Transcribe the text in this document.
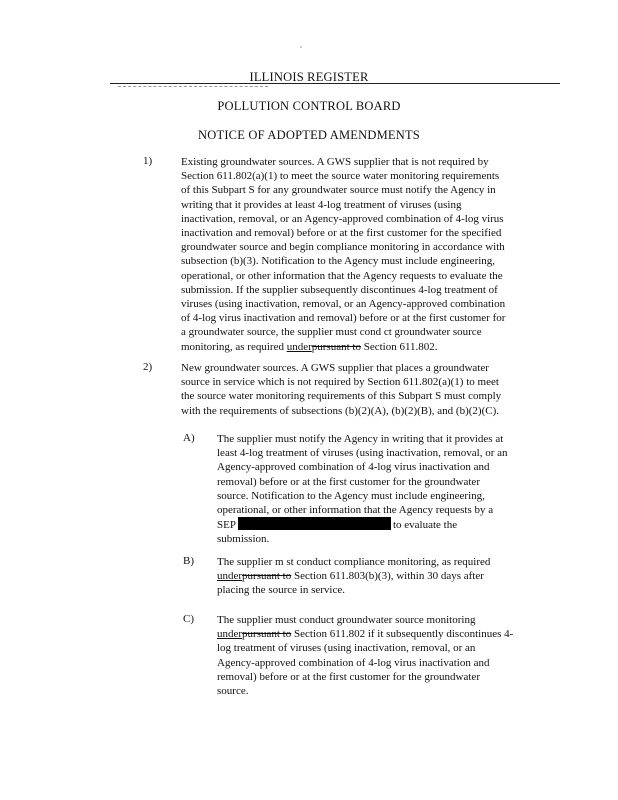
ILLINOIS REGISTER
POLLUTION CONTROL BOARD
NOTICE OF ADOPTED AMENDMENTS
1)	Existing groundwater sources. A GWS supplier that is not required by
Section 611.802(a)(1) to meet the source water monitoring requirements
of this Subpart S for any groundwater source must notify the Agency in
writing that it provides at least 4-log treatment of viruses (using
inactivation, removal, or an Agency-approved combination of 4-log virus
inactivation and removal) before or at the first customer for the specified
groundwater source and begin compliance monitoring in accordance with
subsection (b)(3). Notification to the Agency must include engineering,
operational, or other information that the Agency requests to evaluate the
submission. If the supplier subsequently discontinues 4-log treatment of
viruses (using inactivation, removal, or an Agency-approved combination
of 4-log virus inactivation and removal) before or at the first customer for
a groundwater source, the supplier must cond ct groundwater source
monitoring, as required underpursuant to Section 611.802.
2)	New groundwater sources. A GWS supplier that places a groundwater
source in service which is not required by Section 611.802(a)(1) to meet
the source water monitoring requirements of this Subpart S must comply
with the requirements of subsections (b)(2)(A), (b)(2)(B), and (b)(2)(C).
A) The supplier must notify the Agency in writing that it provides at
least 4-log treatment of viruses (using inactivation, removal, or an
Agency-approved combination of 4-log virus inactivation and
removal) before or at the first customer for the groundwater
source. Notification to the Agency must include engineering,
operational, or other information that the Agency requests by a
SEP	to evaluate the
submission.
B) The supplier m st conduct compliance monitoring, as required
underpursuant to Section 611.803(b)(3), within 30 days after
placing the source in service.
C) The supplier must conduct groundwater source monitoring
underpursuant to Section 611.802 if it subsequently discontinues 4-
log treatment of viruses (using inactivation, removal, or an
Agency-approved combination of 4-log virus inactivation and
removal) before or at the first customer for the groundwater
source.
